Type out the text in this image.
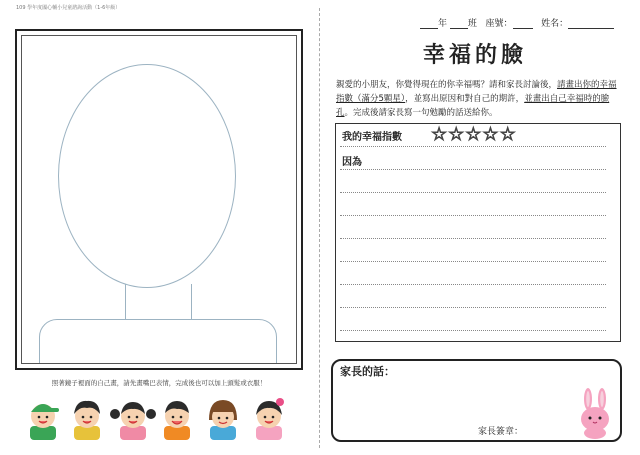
109 學年度國心輔小兒童諮詢活動（1-6年級）
照著鏡子裡面的自己畫，請先畫嘴巴表情，完成後也可以加上頭髮或衣服！
年 班 座號：	姓名：
幸福的臉
親愛的小朋友，你覺得現在的你幸福嗎？請和家長討論後，請畫出你的幸福指數（滿分5顆星），並寫出原因和對自己的期許，並畫出自己幸福時的臉孔。完成後請家長寫一句勉勵的話送給你。
我的幸福指數 ☆☆☆☆☆
因為
家長的話：
家長簽章：
